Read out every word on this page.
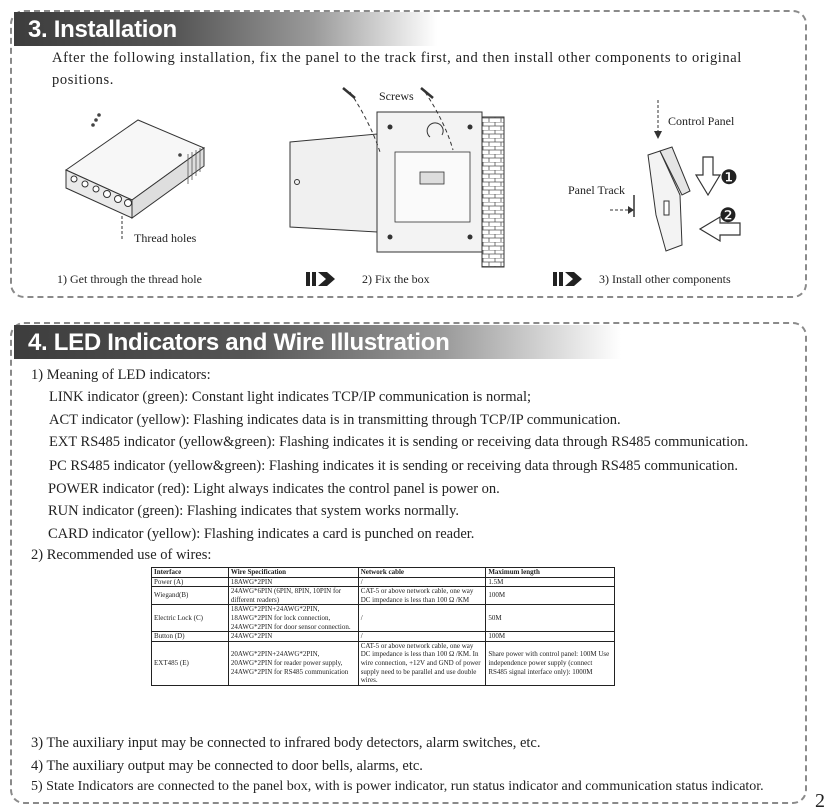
3. Installation
After the following installation, fix the panel to the track first, and then install other components to original
positions.
Thread holes
Screws
Control Panel
Panel Track
❶
❷
1) Get through the thread hole	2) Fix the box	3) Install other components
4. LED Indicators and Wire Illustration
1) Meaning of LED indicators:
LINK indicator (green): Constant light indicates TCP/IP communication is normal;
ACT indicator (yellow): Flashing indicates data is in transmitting through TCP/IP communication.
EXT RS485 indicator (yellow&green): Flashing indicates it is sending or receiving data through RS485 communication.
PC RS485 indicator (yellow&green): Flashing indicates it is sending or receiving data through RS485 communication.
POWER indicator (red): Light always indicates the control panel is power on.
RUN indicator (green): Flashing indicates that system works normally.
CARD indicator (yellow): Flashing indicates a card is punched on reader.
2) Recommended use of wires:
Interface	Wire Specification	Network cable	Maximum length
Power (A)	18AWG*2PIN	/	1.5M
Wiegand(B)	24AWG*6PIN (6PIN, 8PIN, 10PIN for different readers)	CAT-5 or above network cable, one way DC impedance is less than 100 Ω /KM	100M
Electric Lock (C)	18AWG*2PIN+24AWG*2PIN, 18AWG*2PIN for lock connection, 24AWG*2PIN for door sensor connection.	/	50M
Button (D)	24AWG*2PIN	/	100M
EXT485 (E)	20AWG*2PIN+24AWG*2PIN, 20AWG*2PIN for reader power supply, 24AWG*2PIN for RS485 communication	CAT-5 or above network cable, one way DC impedance is less than 100 Ω /KM. In wire connection, +12V and GND of power supply need to be parallel and use double wires.	Share power with control panel: 100M Use independence power supply (connect RS485 signal interface only): 1000M
3) The auxiliary input may be connected to infrared body detectors, alarm switches, etc.
4) The auxiliary output may be connected to door bells, alarms, etc.
5) State Indicators are connected to the panel box, with is power indicator, run status indicator and communication status indicator.
2
